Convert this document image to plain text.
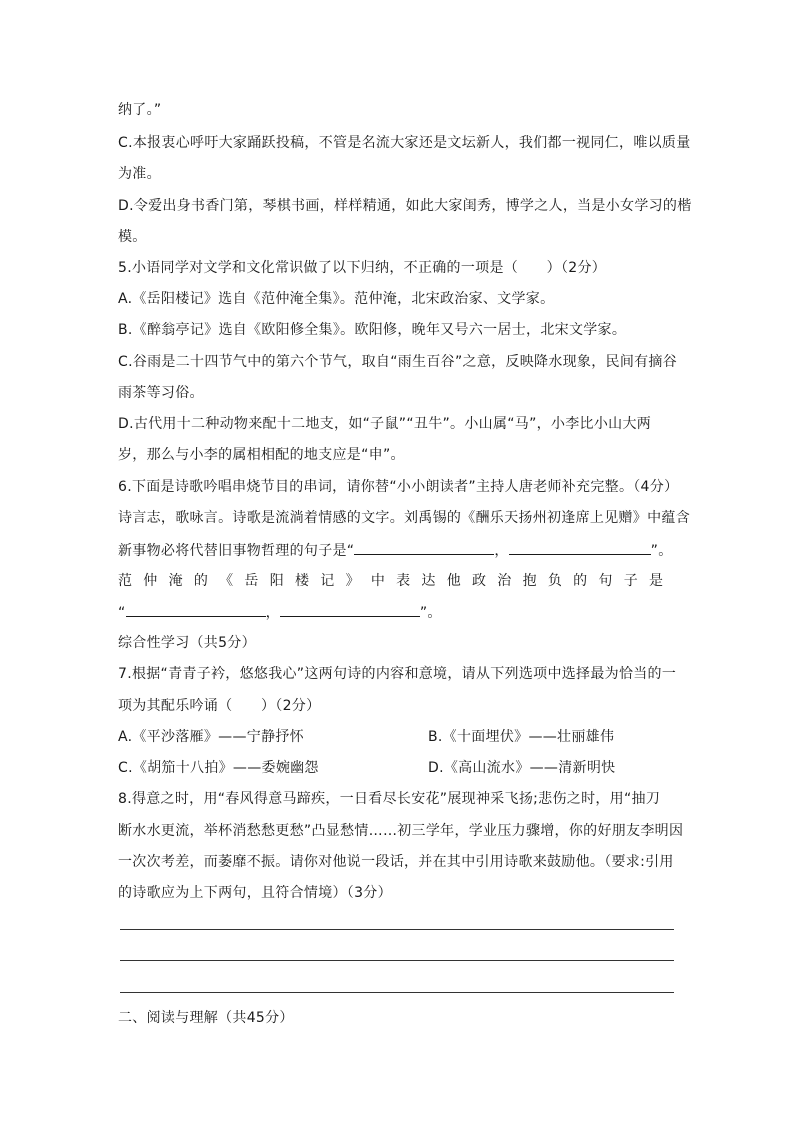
纳了。”
C.本报衷心呼吁大家踊跃投稿，不管是名流大家还是文坛新人，我们都一视同仁，唯以质量
为准。
D.令爱出身书香门第，琴棋书画，样样精通，如此大家闺秀，博学之人，当是小女学习的楷
模。
5.小语同学对文学和文化常识做了以下归纳，不正确的一项是（　　）（2分）
A.《岳阳楼记》选自《范仲淹全集》。范仲淹，北宋政治家、文学家。
B.《醉翁亭记》选自《欧阳修全集》。欧阳修，晚年又号六一居士，北宋文学家。
C.谷雨是二十四节气中的第六个节气，取自“雨生百谷”之意，反映降水现象，民间有摘谷
雨茶等习俗。
D.古代用十二种动物来配十二地支，如“子鼠”“丑牛”。小山属“马”，小李比小山大两
岁，那么与小李的属相相配的地支应是“申”。
6.下面是诗歌吟唱串烧节目的串词，请你替“小小朗读者”主持人唐老师补充完整。（4分）
诗言志，歌咏言。诗歌是流淌着情感的文字。刘禹锡的《酬乐天扬州初逢席上见赠》中蕴含
新事物必将代替旧事物哲理的句子是“	，	”。
范仲淹的《岳阳楼记》中表达他政治抱负的句子是
“	，	”。
综合性学习（共5分）
7.根据“青青子衿，悠悠我心”这两句诗的内容和意境，请从下列选项中选择最为恰当的一
项为其配乐吟诵（　　）（2分）
A.《平沙落雁》——宁静抒怀	B.《十面埋伏》——壮丽雄伟
C.《胡笳十八拍》——委婉幽怨	D.《高山流水》——清新明快
8.得意之时，用“春风得意马蹄疾，一日看尽长安花”展现神采飞扬;悲伤之时，用“抽刀
断水水更流，举杯消愁愁更愁”凸显愁情……初三学年，学业压力骤增，你的好朋友李明因
一次次考差，而萎靡不振。请你对他说一段话，并在其中引用诗歌来鼓励他。（要求:引用
的诗歌应为上下两句，且符合情境）（3分）
二、阅读与理解（共45分）
